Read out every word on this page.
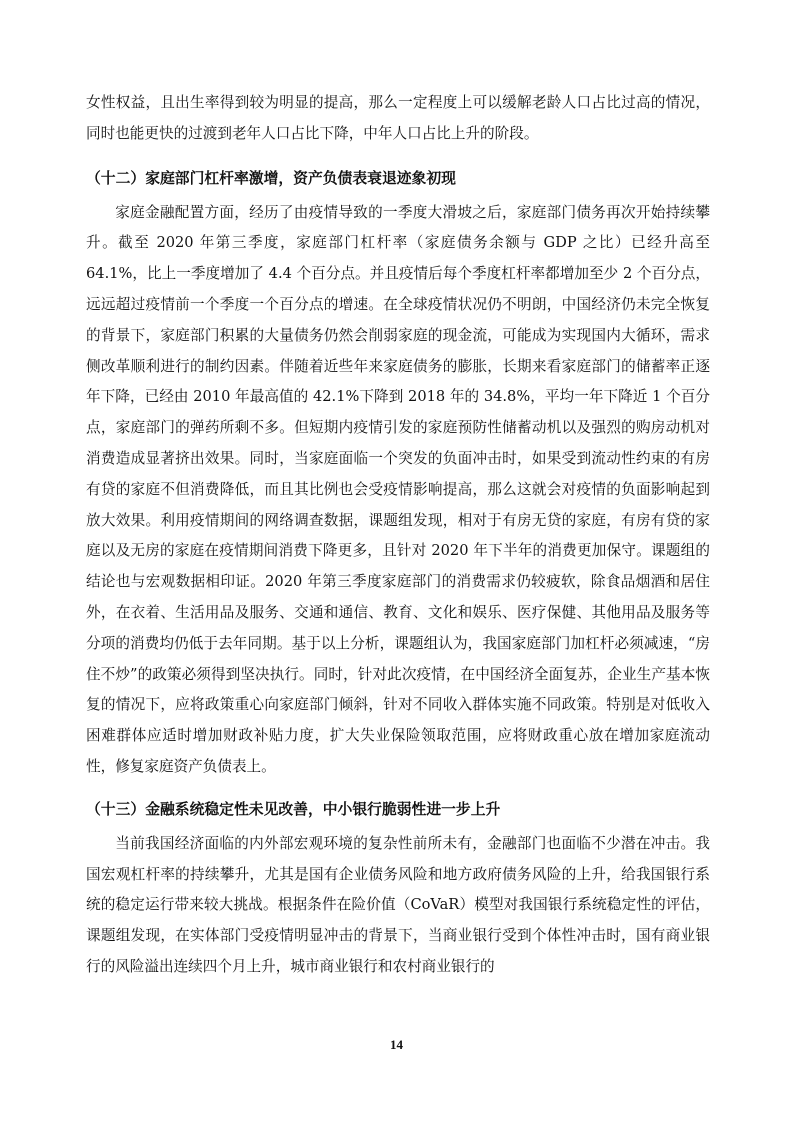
女性权益，且出生率得到较为明显的提高，那么一定程度上可以缓解老龄人口占比过高的情况，同时也能更快的过渡到老年人口占比下降，中年人口占比上升的阶段。

（十二）家庭部门杠杆率激增，资产负债表衰退迹象初现

家庭金融配置方面，经历了由疫情导致的一季度大滑坡之后，家庭部门债务再次开始持续攀升。截至 2020 年第三季度，家庭部门杠杆率（家庭债务余额与 GDP 之比）已经升高至 64.1%，比上一季度增加了 4.4 个百分点。并且疫情后每个季度杠杆率都增加至少 2 个百分点，远远超过疫情前一个季度一个百分点的增速。在全球疫情状况仍不明朗，中国经济仍未完全恢复的背景下，家庭部门积累的大量债务仍然会削弱家庭的现金流，可能成为实现国内大循环，需求侧改革顺利进行的制约因素。伴随着近些年来家庭债务的膨胀，长期来看家庭部门的储蓄率正逐年下降，已经由 2010 年最高值的 42.1%下降到 2018 年的 34.8%，平均一年下降近 1 个百分点，家庭部门的弹药所剩不多。但短期内疫情引发的家庭预防性储蓄动机以及强烈的购房动机对消费造成显著挤出效果。同时，当家庭面临一个突发的负面冲击时，如果受到流动性约束的有房有贷的家庭不但消费降低，而且其比例也会受疫情影响提高，那么这就会对疫情的负面影响起到放大效果。利用疫情期间的网络调查数据，课题组发现，相对于有房无贷的家庭，有房有贷的家庭以及无房的家庭在疫情期间消费下降更多，且针对 2020 年下半年的消费更加保守。课题组的结论也与宏观数据相印证。2020 年第三季度家庭部门的消费需求仍较疲软，除食品烟酒和居住外，在衣着、生活用品及服务、交通和通信、教育、文化和娱乐、医疗保健、其他用品及服务等分项的消费均仍低于去年同期。基于以上分析，课题组认为，我国家庭部门加杠杆必须减速，“房住不炒”的政策必须得到坚决执行。同时，针对此次疫情，在中国经济全面复苏，企业生产基本恢复的情况下，应将政策重心向家庭部门倾斜，针对不同收入群体实施不同政策。特别是对低收入困难群体应适时增加财政补贴力度，扩大失业保险领取范围，应将财政重心放在增加家庭流动性，修复家庭资产负债表上。

（十三）金融系统稳定性未见改善，中小银行脆弱性进一步上升

当前我国经济面临的内外部宏观环境的复杂性前所未有，金融部门也面临不少潜在冲击。我国宏观杠杆率的持续攀升，尤其是国有企业债务风险和地方政府债务风险的上升，给我国银行系统的稳定运行带来较大挑战。根据条件在险价值（CoVaR）模型对我国银行系统稳定性的评估，课题组发现，在实体部门受疫情明显冲击的背景下，当商业银行受到个体性冲击时，国有商业银行的风险溢出连续四个月上升，城市商业银行和农村商业银行的

14
